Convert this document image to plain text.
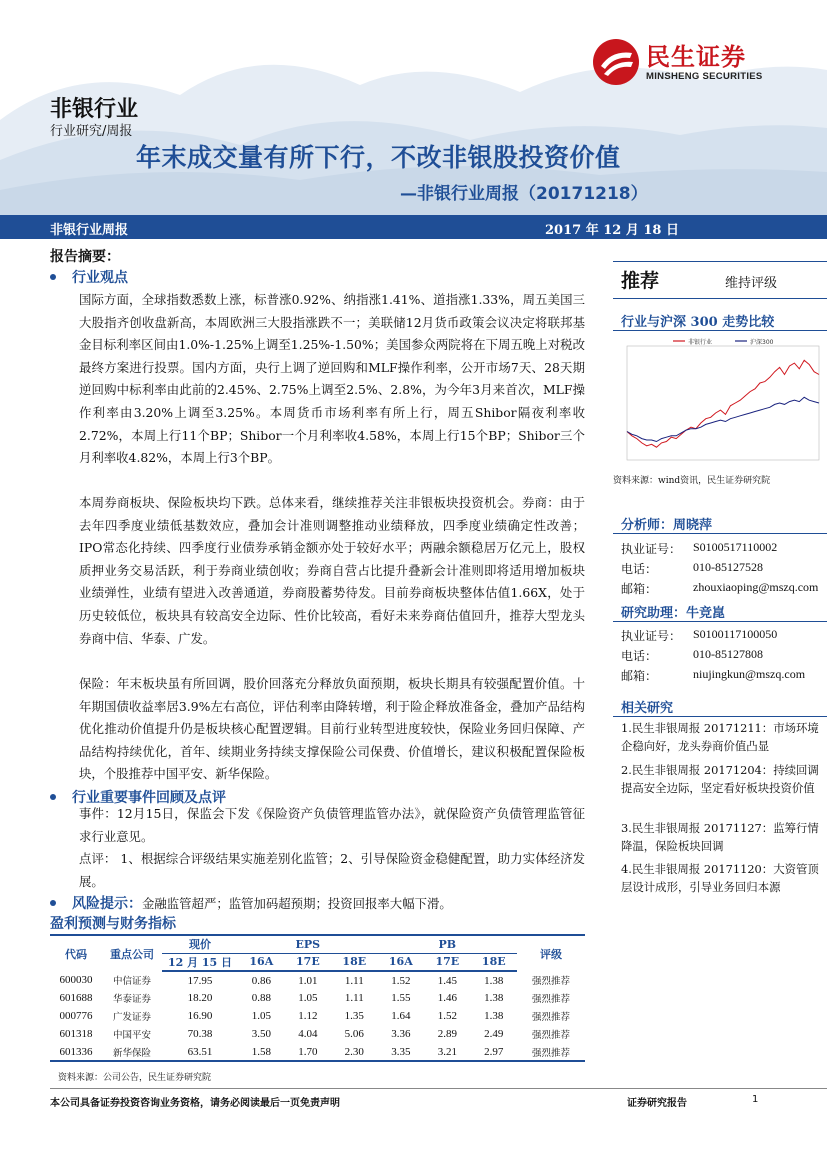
民生证券
MINSHENG SECURITIES
非银行业
行业研究/周报
年末成交量有所下行，不改非银股投资价值
—非银行业周报（20171218）
非银行业周报	2017 年 12 月 18 日
报告摘要：
行业观点
国际方面，全球指数悉数上涨，标普涨0.92%、纳指涨1.41%、道指涨1.33%，周五美国三大股指齐创收盘新高，本周欧洲三大股指涨跌不一；美联储12月货币政策会议决定将联邦基金目标利率区间由1.0%-1.25%上调至1.25%-1.50%；美国参众两院将在下周五晚上对税改最终方案进行投票。国内方面，央行上调了逆回购和MLF操作利率，公开市场7天、28天期逆回购中标利率由此前的2.45%、2.75%上调至2.5%、2.8%，为今年3月来首次，MLF操作利率由3.20%上调至3.25%。本周货币市场利率有所上行，周五Shibor隔夜利率收2.72%，本周上行11个BP；Shibor一个月利率收4.58%，本周上行15个BP；Shibor三个月利率收4.82%，本周上行3个BP。
本周券商板块、保险板块均下跌。总体来看，继续推荐关注非银板块投资机会。券商：由于去年四季度业绩低基数效应，叠加会计准则调整推动业绩释放，四季度业绩确定性改善；IPO常态化持续、四季度行业债券承销金额亦处于较好水平；两融余额稳居万亿元上，股权质押业务交易活跃，利于券商业绩创收；券商自营占比提升叠新会计准则即将适用增加板块业绩弹性，业绩有望进入改善通道，券商股蓄势待发。目前券商板块整体估值1.66X，处于历史较低位，板块具有较高安全边际、性价比较高，看好未来券商估值回升，推荐大型龙头券商中信、华泰、广发。
保险：年末板块虽有所回调，股价回落充分释放负面预期，板块长期具有较强配置价值。十年期国债收益率居3.9%左右高位，评估利率由降转增，利于险企释放准备金，叠加产品结构优化推动价值提升仍是板块核心配置逻辑。目前行业转型进度较快，保险业务回归保障、产品结构持续优化，首年、续期业务持续支撑保险公司保费、价值增长，建议积极配置保险板块，个股推荐中国平安、新华保险。
行业重要事件回顾及点评
事件：12月15日，保监会下发《保险资产负债管理监管办法》，就保险资产负债管理监管征求行业意见。
点评： 1、根据综合评级结果实施差别化监管；2、引导保险资金稳健配置，助力实体经济发展。
风险提示： 金融监管超严；监管加码超预期；投资回报率大幅下滑。
盈利预测与财务指标
代码	重点公司	现价	EPS			PB			评级
		12 月 15 日	16A	17E	18E	16A	17E	18E	
600030	中信证券	17.95	0.86	1.01	1.11	1.52	1.45	1.38	强烈推荐
601688	华泰证券	18.20	0.88	1.05	1.11	1.55	1.46	1.38	强烈推荐
000776	广发证券	16.90	1.05	1.12	1.35	1.64	1.52	1.38	强烈推荐
601318	中国平安	70.38	3.50	4.04	5.06	3.36	2.89	2.49	强烈推荐
601336	新华保险	63.51	1.58	1.70	2.30	3.35	3.21	2.97	强烈推荐
资料来源：公司公告，民生证券研究院
推荐	维持评级
行业与沪深 300 走势比较
非银行业	沪深300
资料来源：wind资讯，民生证券研究院
分析师：周晓萍
执业证号： S0100517110002
电话：	010-85127528
邮箱：	zhouxiaoping@mszq.com
研究助理：牛竞崑
执业证号： S0100117100050
电话：	010-85127808
邮箱：	niujingkun@mszq.com
相关研究
1.民生非银周报 20171211：市场环境企稳向好，龙头券商价值凸显
2.民生非银周报 20171204：持续回调提高安全边际，坚定看好板块投资价值
3.民生非银周报 20171127：监筹行情降温，保险板块回调
4.民生非银周报 20171120：大资管顶层设计成形，引导业务回归本源
本公司具备证券投资咨询业务资格，请务必阅读最后一页免责声明	证券研究报告	1
